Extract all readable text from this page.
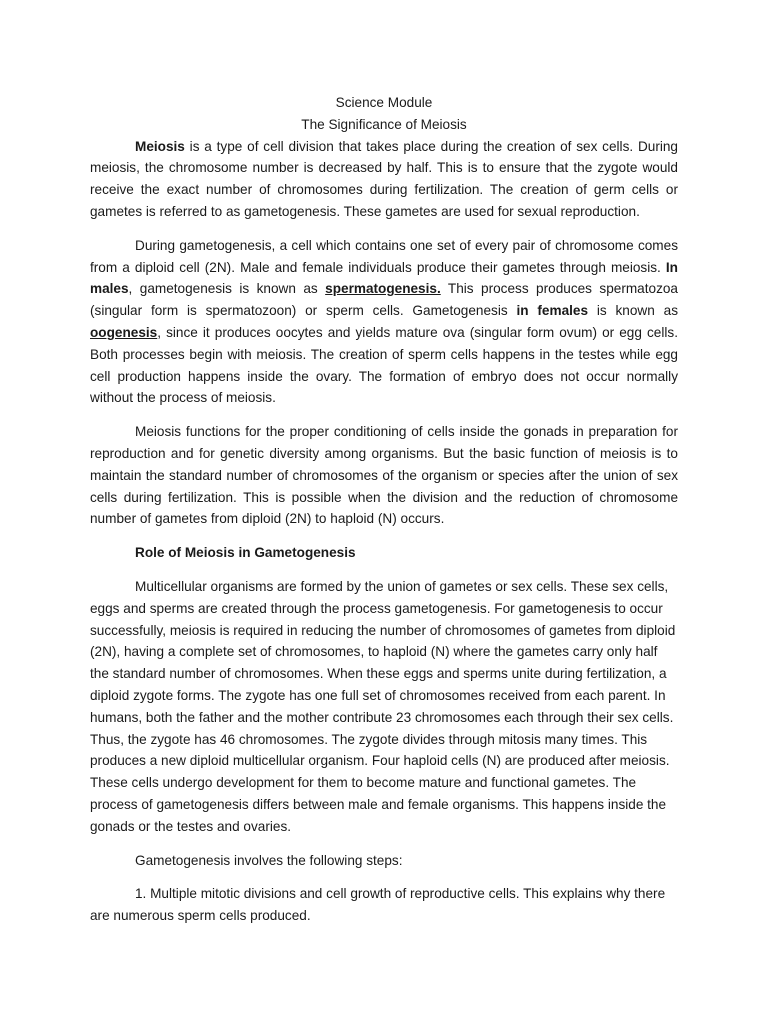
Science Module

The Significance of Meiosis

Meiosis is a type of cell division that takes place during the creation of sex cells. During meiosis, the chromosome number is decreased by half. This is to ensure that the zygote would receive the exact number of chromosomes during fertilization. The creation of germ cells or gametes is referred to as gametogenesis. These gametes are used for sexual reproduction.

During gametogenesis, a cell which contains one set of every pair of chromosome comes from a diploid cell (2N). Male and female individuals produce their gametes through meiosis. In males, gametogenesis is known as spermatogenesis. This process produces spermatozoa (singular form is spermatozoon) or sperm cells. Gametogenesis in females is known as oogenesis, since it produces oocytes and yields mature ova (singular form ovum) or egg cells. Both processes begin with meiosis. The creation of sperm cells happens in the testes while egg cell production happens inside the ovary. The formation of embryo does not occur normally without the process of meiosis.

Meiosis functions for the proper conditioning of cells inside the gonads in preparation for reproduction and for genetic diversity among organisms. But the basic function of meiosis is to maintain the standard number of chromosomes of the organism or species after the union of sex cells during fertilization. This is possible when the division and the reduction of chromosome number of gametes from diploid (2N) to haploid (N) occurs.

Role of Meiosis in Gametogenesis

Multicellular organisms are formed by the union of gametes or sex cells. These sex cells, eggs and sperms are created through the process gametogenesis. For gametogenesis to occur successfully, meiosis is required in reducing the number of chromosomes of gametes from diploid (2N), having a complete set of chromosomes, to haploid (N) where the gametes carry only half the standard number of chromosomes. When these eggs and sperms unite during fertilization, a diploid zygote forms. The zygote has one full set of chromosomes received from each parent. In humans, both the father and the mother contribute 23 chromosomes each through their sex cells. Thus, the zygote has 46 chromosomes. The zygote divides through mitosis many times. This produces a new diploid multicellular organism. Four haploid cells (N) are produced after meiosis. These cells undergo development for them to become mature and functional gametes. The process of gametogenesis differs between male and female organisms. This happens inside the gonads or the testes and ovaries.

Gametogenesis involves the following steps:

1. Multiple mitotic divisions and cell growth of reproductive cells. This explains why there are numerous sperm cells produced.
